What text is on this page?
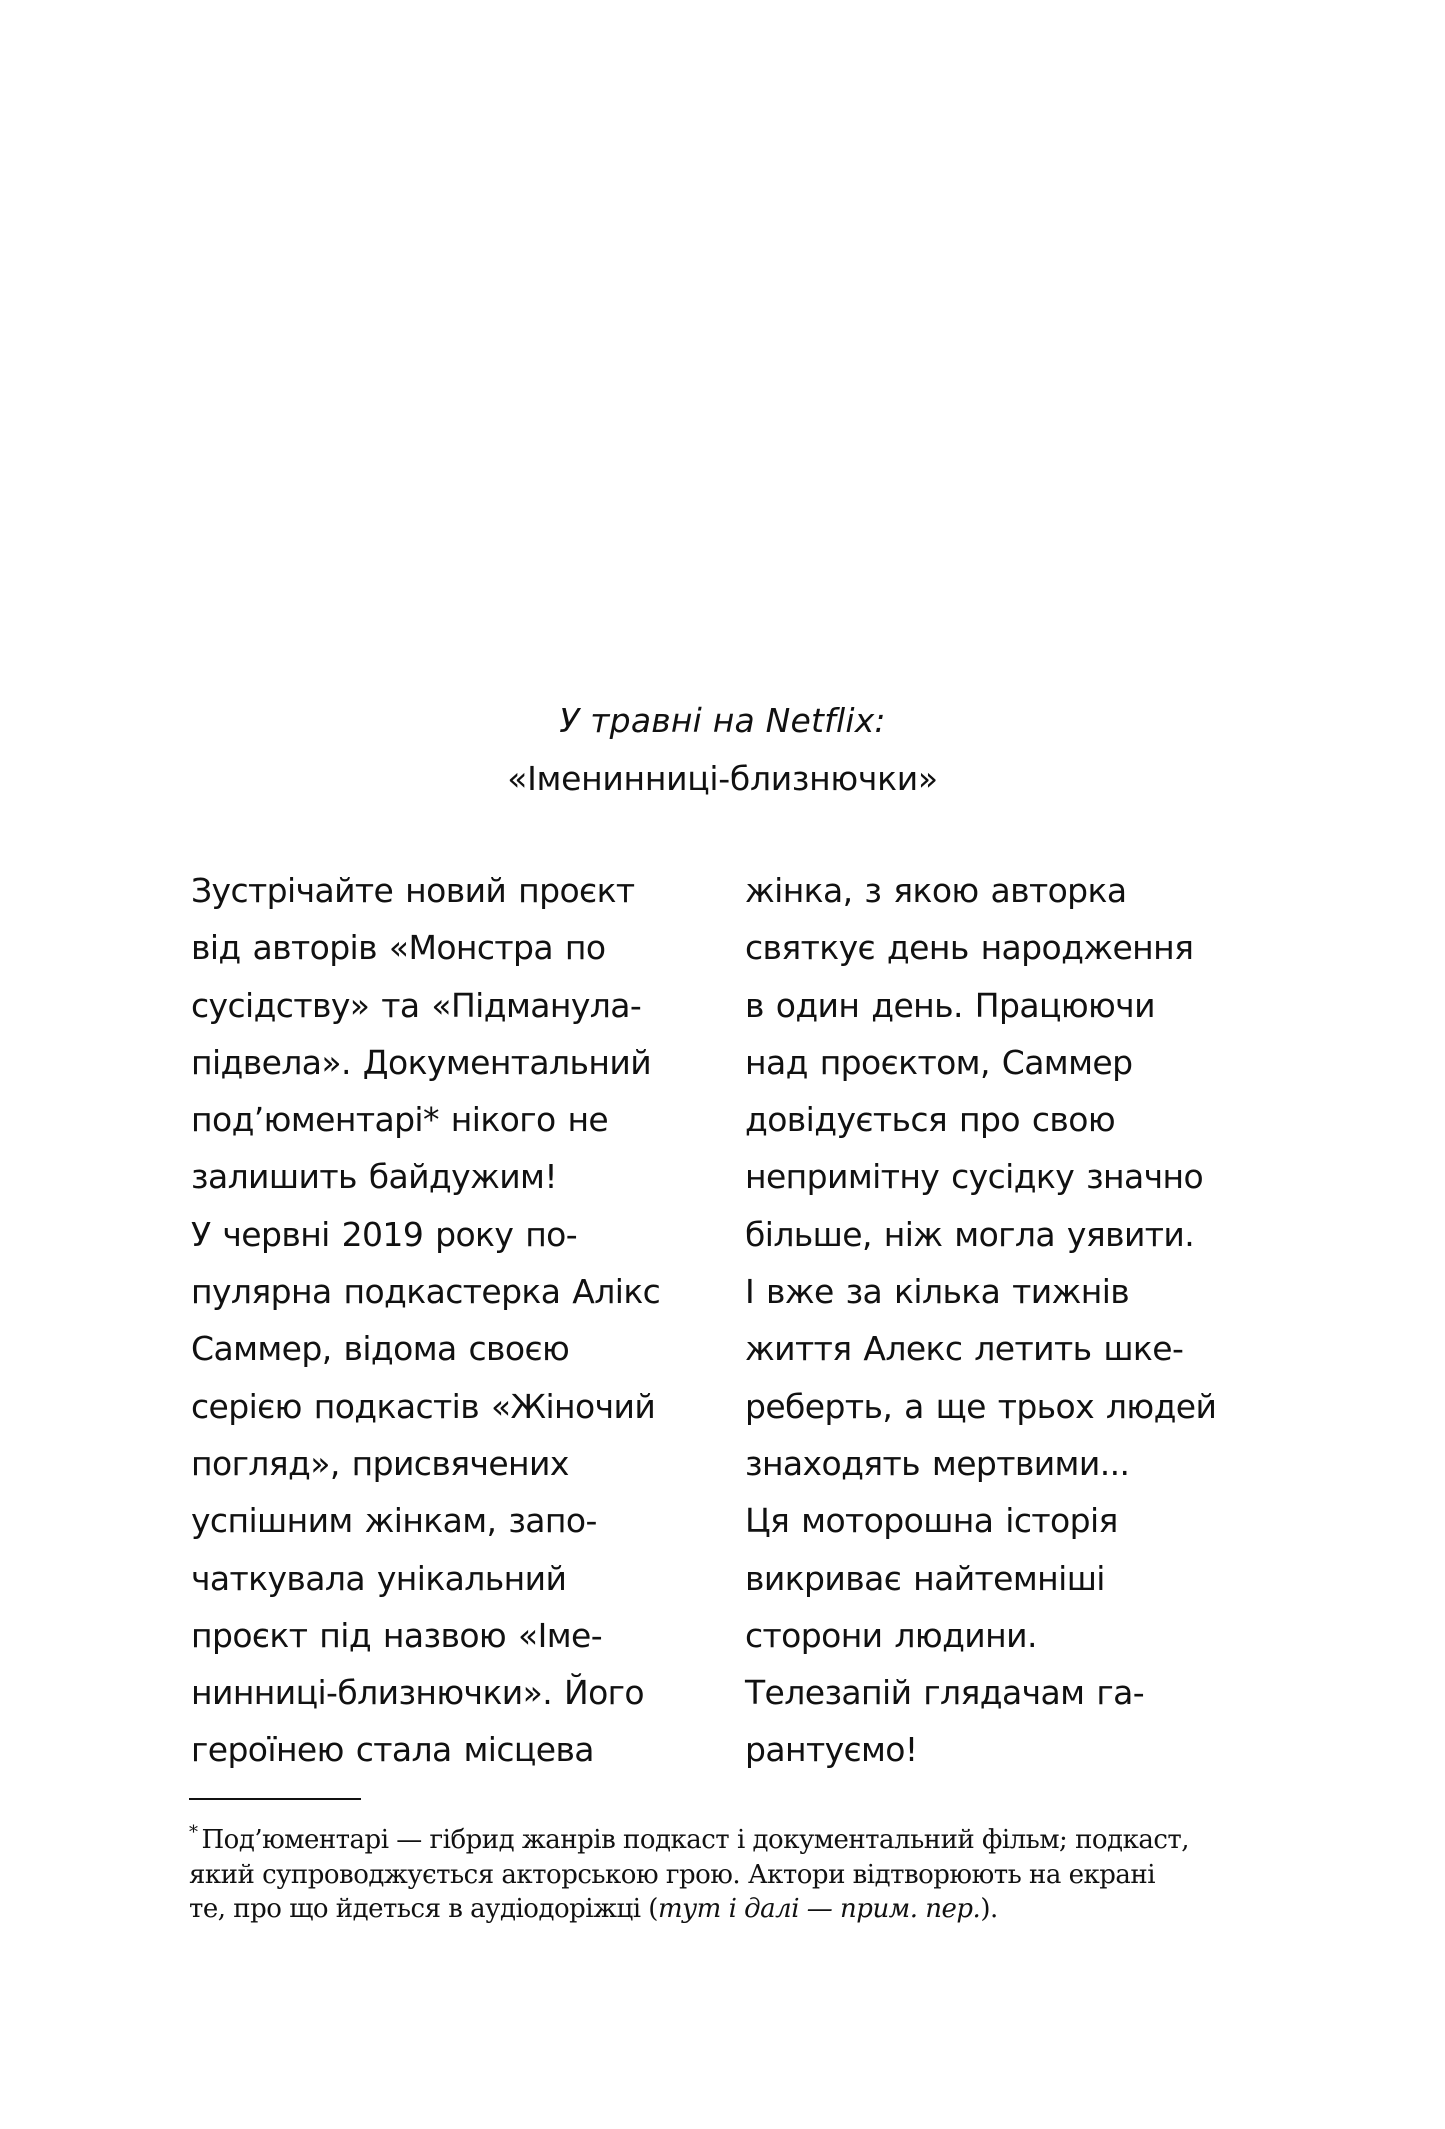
У травні на Netflix:
«Іменинниці-близнючки»
Зустрічайте новий проєкт
від авторів «Монстра по
сусідству» та «Підманула-
підвела». Документальний
под’юментарі* нікого не
залишить байдужим!
У червні 2019 року по-
пулярна подкастерка Алікс
Саммер, відома своєю
серією подкастів «Жіночий
погляд», присвячених
успішним жінкам, запо-
чаткувала унікальний
проєкт під назвою «Іме-
нинниці-близнючки». Його
героїнею стала місцева
жінка, з якою авторка
святкує день народження
в один день. Працюючи
над проєктом, Саммер
довідується про свою
непримітну сусідку значно
більше, ніж могла уявити.
І вже за кілька тижнів
життя Алекс летить шке-
реберть, а ще трьох людей
знаходять мертвими...
Ця моторошна історія
викриває найтемніші
сторони людини.
Телезапій глядачам га-
рантуємо!
* Под’юментарі — гібрид жанрів подкаст і документальний фільм; подкаст,
який супроводжується акторською грою. Актори відтворюють на екрані
те, про що йдеться в аудіодоріжці (тут і далі — прим. пер.).
